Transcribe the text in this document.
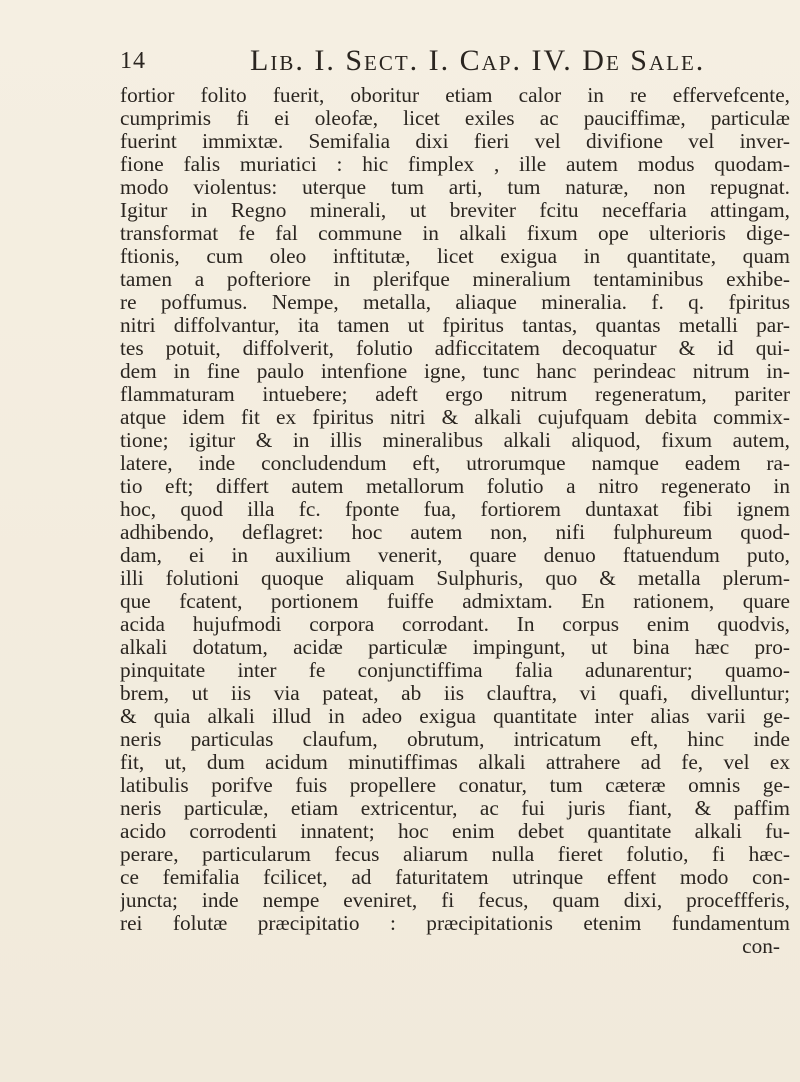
14	Lib. I. Sect. I. Cap. IV. De Sale.
fortior folito fuerit, oboritur etiam calor in re effervefcente,
cumprimis fi ei oleofæ, licet exiles ac pauciffimæ, particulæ
fuerint immixtæ. Semifalia dixi fieri vel divifione vel inver-
fione falis muriatici : hic fimplex , ille autem modus quodam-
modo violentus: uterque tum arti, tum naturæ, non repugnat.
Igitur in Regno minerali, ut breviter fcitu neceffaria attingam,
transformat fe fal commune in alkali fixum ope ulterioris dige-
ftionis, cum oleo inftitutæ, licet exigua in quantitate, quam
tamen a pofteriore in plerifque mineralium tentaminibus exhibe-
re poffumus. Nempe, metalla, aliaque mineralia. f. q. fpiritus
nitri diffolvantur, ita tamen ut fpiritus tantas, quantas metalli par-
tes potuit, diffolverit, folutio adficcitatem decoquatur & id qui-
dem in fine paulo intenfione igne, tunc hanc perindeac nitrum in-
flammaturam intuebere; adeft ergo nitrum regeneratum, pariter
atque idem fit ex fpiritus nitri & alkali cujufquam debita commix-
tione; igitur & in illis mineralibus alkali aliquod, fixum autem,
latere, inde concludendum eft, utrorumque namque eadem ra-
tio eft; differt autem metallorum folutio a nitro regenerato in
hoc, quod illa fc. fponte fua, fortiorem duntaxat fibi ignem
adhibendo, deflagret: hoc autem non, nifi fulphureum quod-
dam, ei in auxilium venerit, quare denuo ftatuendum puto,
illi folutioni quoque aliquam Sulphuris, quo & metalla plerum-
que fcatent, portionem fuiffe admixtam. En rationem, quare
acida hujufmodi corpora corrodant. In corpus enim quodvis,
alkali dotatum, acidæ particulæ impingunt, ut bina hæc pro-
pinquitate inter fe conjunctiffima falia adunarentur; quamo-
brem, ut iis via pateat, ab iis clauftra, vi quafi, divelluntur;
& quia alkali illud in adeo exigua quantitate inter alias varii ge-
neris particulas claufum, obrutum, intricatum eft, hinc inde
fit, ut, dum acidum minutiffimas alkali attrahere ad fe, vel ex
latibulis porifve fuis propellere conatur, tum cæteræ omnis ge-
neris particulæ, etiam extricentur, ac fui juris fiant, & paffim
acido corrodenti innatent; hoc enim debet quantitate alkali fu-
perare, particularum fecus aliarum nulla fieret folutio, fi hæc-
ce femifalia fcilicet, ad faturitatem utrinque effent modo con-
juncta; inde nempe eveniret, fi fecus, quam dixi, proceffferis,
rei folutæ præcipitatio : præcipitationis etenim fundamentum
con-
